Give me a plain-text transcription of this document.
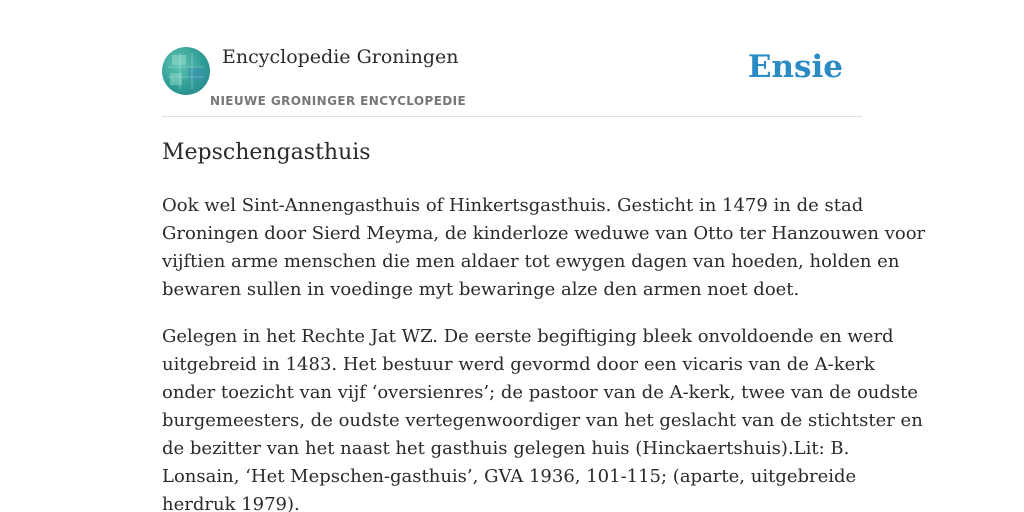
Encyclopedie Groningen
NIEUWE GRONINGER ENCYCLOPEDIE
Ensie
Mepschengasthuis

Ook wel Sint-Annengasthuis of Hinkertsgasthuis. Gesticht in 1479 in de stad
Groningen door Sierd Meyma, de kinderloze weduwe van Otto ter Hanzouwen voor
vijftien arme menschen die men aldaer tot ewygen dagen van hoeden, holden en
bewaren sullen in voedinge myt bewaringe alze den armen noet doet.

Gelegen in het Rechte Jat WZ. De eerste begiftiging bleek onvoldoende en werd
uitgebreid in 1483. Het bestuur werd gevormd door een vicaris van de A-kerk
onder toezicht van vijf ‘oversienres’; de pastoor van de A-kerk, twee van de oudste
burgemeesters, de oudste vertegenwoordiger van het geslacht van de stichtster en
de bezitter van het naast het gasthuis gelegen huis (Hinckaertshuis).Lit: B.
Lonsain, ‘Het Mepschen-gasthuis’, GVA 1936, 101-115; (aparte, uitgebreide
herdruk 1979).
